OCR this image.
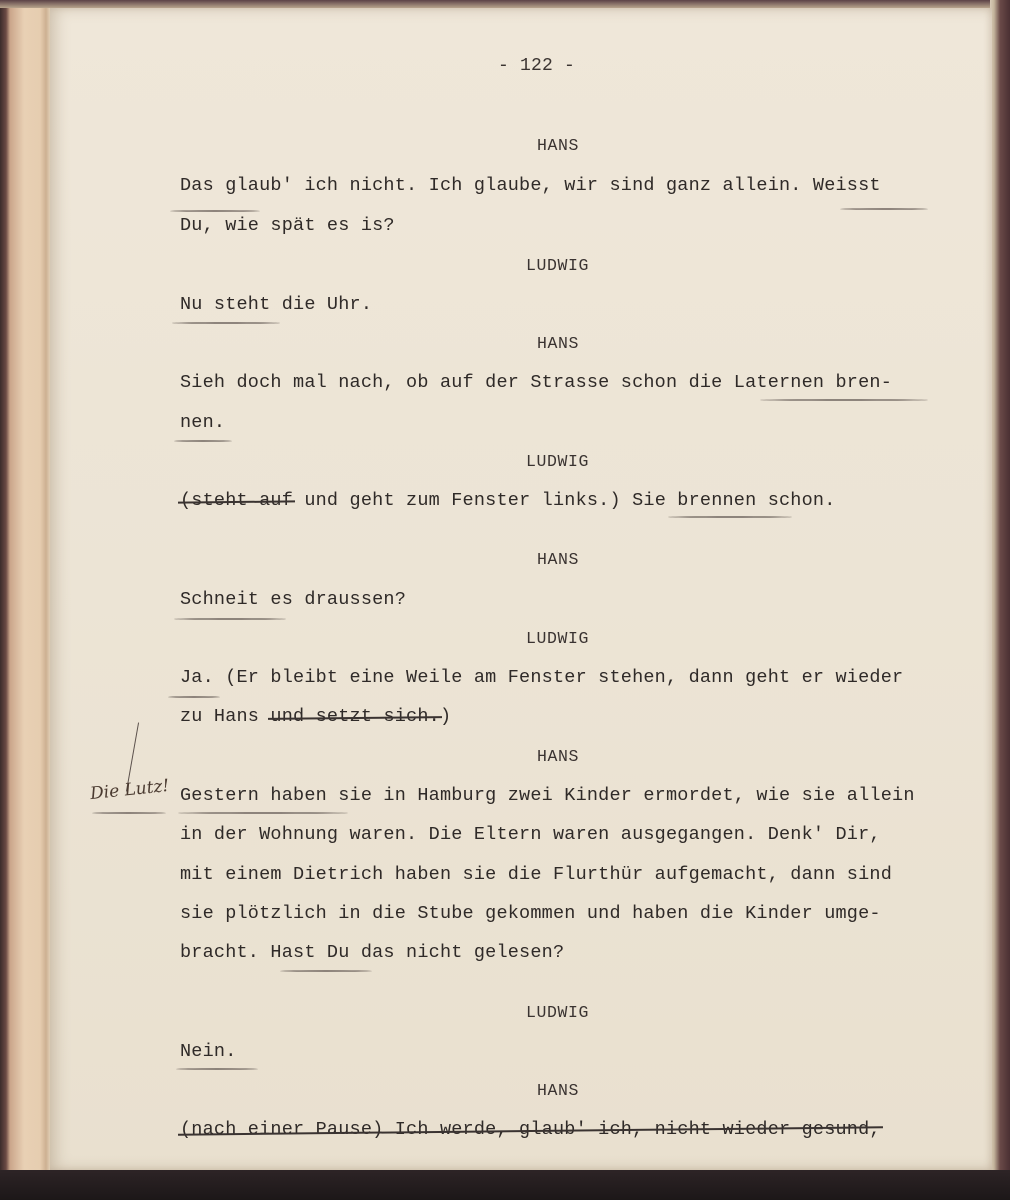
- 122 -
HANS
Das glaub' ich nicht. Ich glaube, wir sind ganz allein. Weisst
Du, wie spät es is?
LUDWIG
Nu steht die Uhr.
HANS
Sieh doch mal nach, ob auf der Strasse schon die Laternen bren-
nen.
LUDWIG
(steht auf und geht zum Fenster links.) Sie brennen schon.
HANS
Schneit es draussen?
LUDWIG
Ja. (Er bleibt eine Weile am Fenster stehen, dann geht er wieder
zu Hans und setzt sich.)
HANS
Gestern haben sie in Hamburg zwei Kinder ermordet, wie sie allein
in der Wohnung waren. Die Eltern waren ausgegangen. Denk' Dir,
mit einem Dietrich haben sie die Flurthür aufgemacht, dann sind
sie plötzlich in die Stube gekommen und haben die Kinder umge-
bracht. Hast Du das nicht gelesen?
LUDWIG
Nein.
HANS
(nach einer Pause) Ich werde, glaub' ich, nicht wieder gesund,
Die Lutz!
